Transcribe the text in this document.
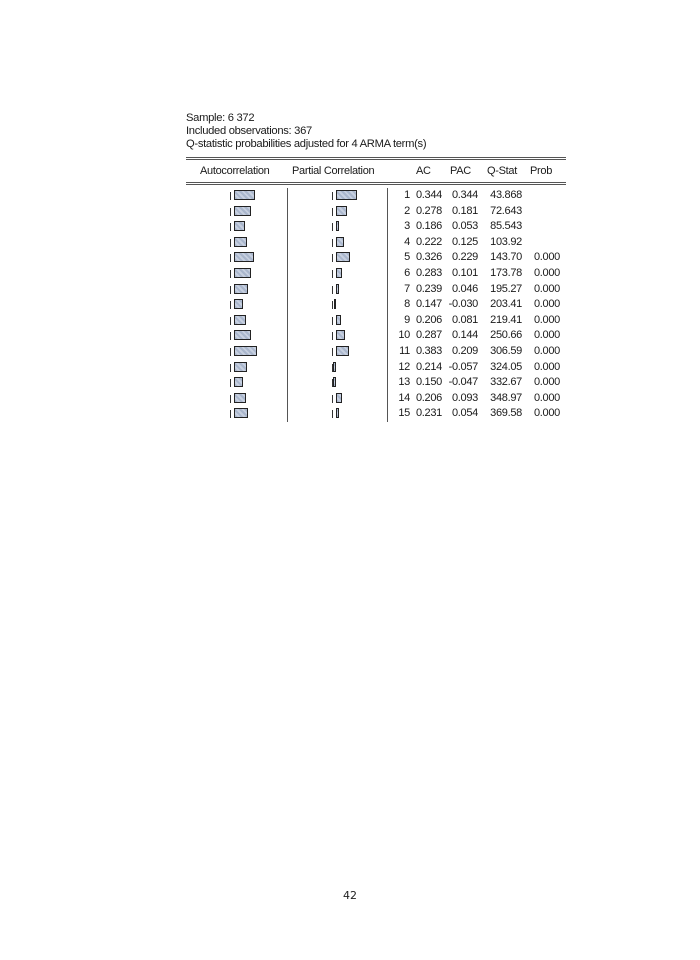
Sample: 6 372
Included observations: 367
Q-statistic probabilities adjusted for 4 ARMA term(s)
Autocorrelation Partial Correlation	AC PAC Q-Stat Prob
1 0.344 0.344	43.868
2 0.278 0.181	72.643
3 0.186 0.053	85.543
4 0.222 0.125	103.92
5 0.326 0.229	143.70	0.000
6 0.283 0.101	173.78	0.000
7 0.239 0.046	195.27	0.000
8 0.147 -0.030	203.41	0.000
9 0.206 0.081	219.41	0.000
10 0.287 0.144	250.66	0.000
11 0.383 0.209	306.59	0.000
12 0.214 -0.057	324.05	0.000
13 0.150 -0.047	332.67	0.000
14 0.206 0.093	348.97	0.000
15 0.231 0.054	369.58	0.000
42
